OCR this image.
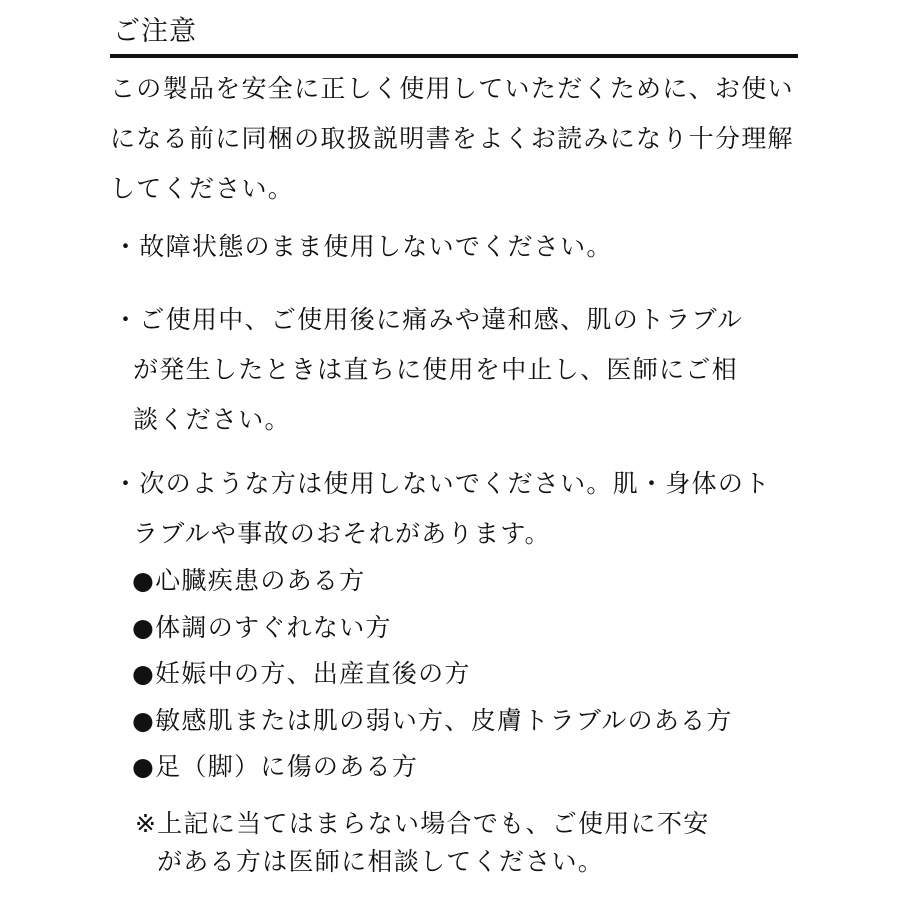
ご注意

この製品を安全に正しく使用していただくために、お使い

になる前に同梱の取扱説明書をよくお読みになり十分理解

してください。

・故障状態のまま使用しないでください。

・ご使用中、ご使用後に痛みや違和感、肌のトラブル

が発生したときは直ちに使用を中止し、医師にご相

談ください。

・次のような方は使用しないでください。肌・身体のト

ラブルや事故のおそれがあります。

●心臓疾患のある方

●体調のすぐれない方

●妊娠中の方、出産直後の方

●敏感肌または肌の弱い方、皮膚トラブルのある方

●足（脚）に傷のある方

※上記に当てはまらない場合でも、ご使用に不安

がある方は医師に相談してください。
